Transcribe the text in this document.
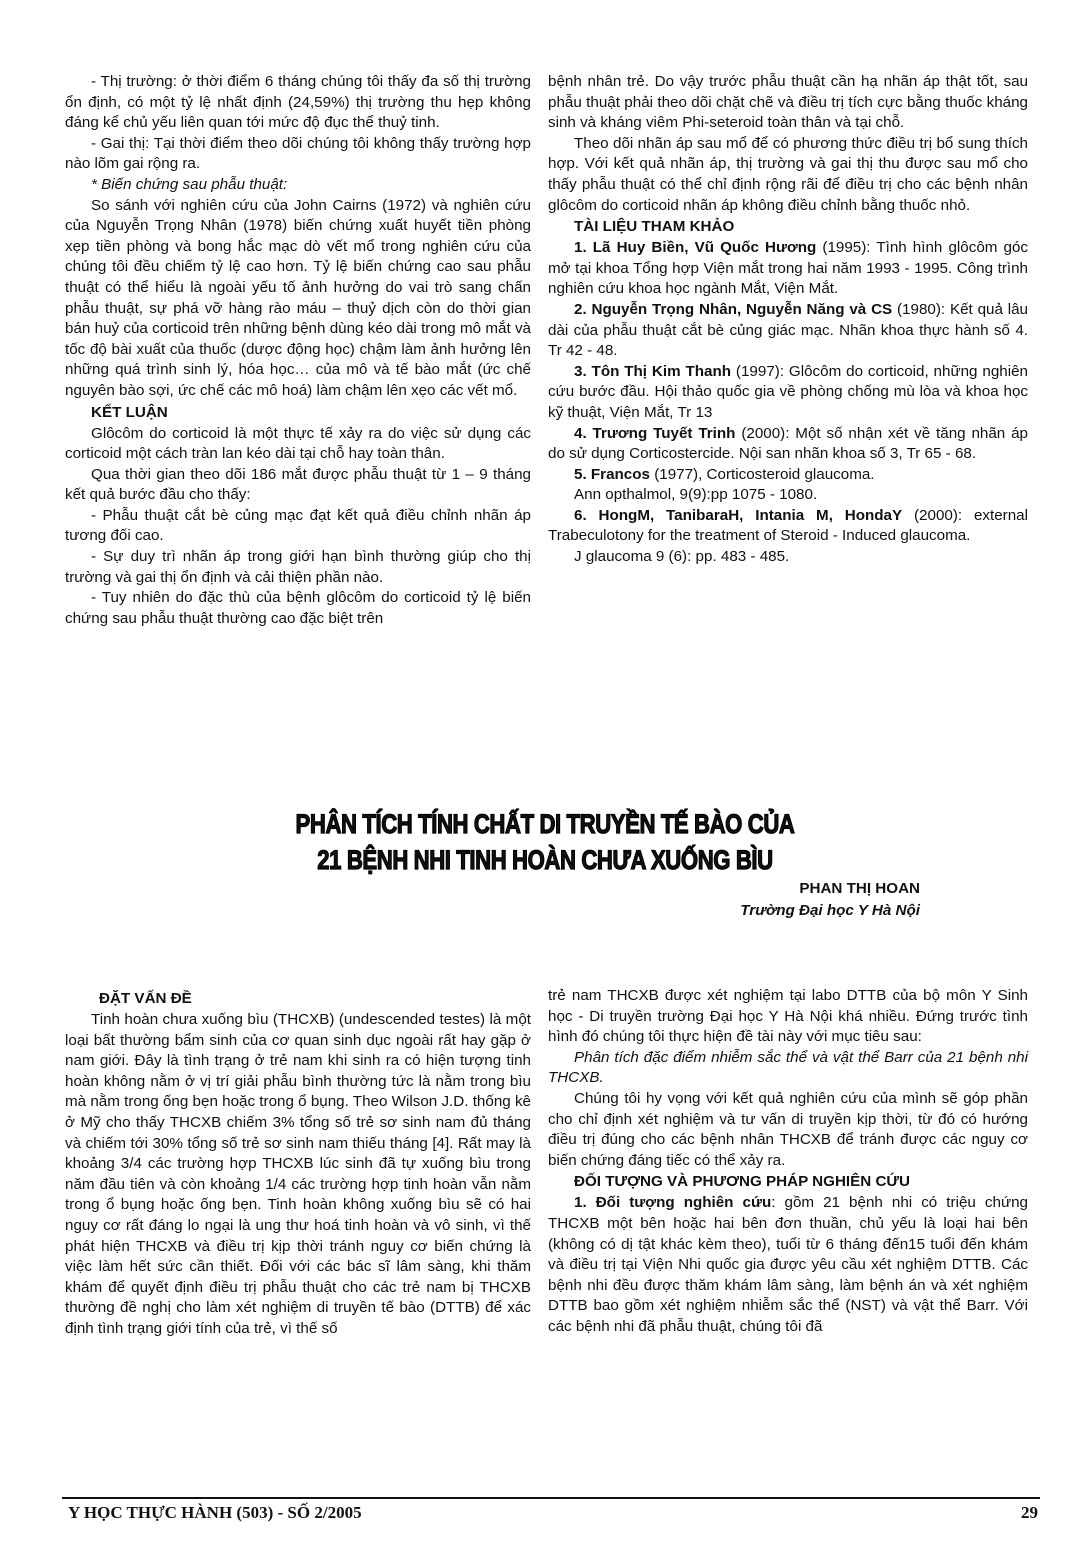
- Thị trường: ở thời điểm 6 tháng chúng tôi thấy đa số thị trường ổn định, có một tỷ lệ nhất định (24,59%) thị trường thu hẹp không đáng kể chủ yếu liên quan tới mức độ đục thể thuỷ tinh.

- Gai thị: Tại thời điểm theo dõi chúng tôi không thấy trường hợp nào lõm gai rộng ra.

* Biến chứng sau phẫu thuật:

So sánh với nghiên cứu của John Cairns (1972) và nghiên cứu của Nguyễn Trọng Nhân (1978) biến chứng xuất huyết tiền phòng xẹp tiền phòng và bong hắc mạc dò vết mổ trong nghiên cứu của chúng tôi đều chiếm tỷ lệ cao hơn. Tỷ lệ biến chứng cao sau phẫu thuật có thể hiểu là ngoài yếu tố ảnh hưởng do vai trò sang chấn phẫu thuật, sự phá vỡ hàng rào máu – thuỷ dịch còn do thời gian bán huỷ của corticoid trên những bệnh dùng kéo dài trong mô mắt và tốc độ bài xuất của thuốc (dược động học) chậm làm ảnh hưởng lên những quá trình sinh lý, hóa học… của mô và tế bào mắt (ức chế nguyên bào sợi, ức chế các mô hoá) làm chậm lên xẹo các vết mổ.

KẾT LUẬN

Glôcôm do corticoid là một thực tế xảy ra do việc sử dụng các corticoid một cách tràn lan kéo dài tại chỗ hay toàn thân.

Qua thời gian theo dõi 186 mắt được phẫu thuật từ 1 – 9 tháng kết quả bước đầu cho thấy:

- Phẫu thuật cắt bè củng mạc đạt kết quả điều chỉnh nhãn áp tương đối cao.

- Sự duy trì nhãn áp trong giới hạn bình thường giúp cho thị trường và gai thị ổn định và cải thiện phần nào.

- Tuy nhiên do đặc thù của bệnh glôcôm do corticoid tỷ lệ biến chứng sau phẫu thuật thường cao đặc biệt trên

bệnh nhân trẻ. Do vậy trước phẫu thuật cần hạ nhãn áp thật tốt, sau phẫu thuật phải theo dõi chặt chẽ và điều trị tích cực bằng thuốc kháng sinh và kháng viêm Phi-seteroid toàn thân và tại chỗ.

Theo dõi nhãn áp sau mổ để có phương thức điều trị bổ sung thích hợp. Với kết quả nhãn áp, thị trường và gai thị thu được sau mổ cho thấy phẫu thuật có thể chỉ định rộng rãi để điều trị cho các bệnh nhân glôcôm do corticoid nhãn áp không điều chỉnh bằng thuốc nhỏ.

TÀI LIỆU THAM KHẢO

1. Lã Huy Biền, Vũ Quốc Hương (1995): Tình hình glôcôm góc mở tại khoa Tổng hợp Viện mắt trong hai năm 1993 - 1995. Công trình nghiên cứu khoa học ngành Mắt, Viện Mắt.

2. Nguyễn Trọng Nhân, Nguyễn Năng và CS (1980): Kết quả lâu dài của phẫu thuật cắt bè củng giác mạc. Nhãn khoa thực hành số 4. Tr 42 - 48.

3. Tôn Thị Kim Thanh (1997): Glôcôm do corticoid, những nghiên cứu bước đầu. Hội thảo quốc gia về phòng chống mù lòa và khoa học kỹ thuật, Viện Mắt, Tr 13

4. Trương Tuyết Trinh (2000): Một số nhận xét về tăng nhãn áp do sử dụng Corticostercide. Nội san nhãn khoa số 3, Tr 65 - 68.

5. Francos (1977), Corticosteroid glaucoma.

Ann opthalmol, 9(9):pp 1075 - 1080.

6. HongM, TanibaraH, Intania M, HondaY (2000): external Trabeculotony for the treatment of Steroid - Induced glaucoma.

J glaucoma 9 (6): pp. 483 - 485.

PHÂN TÍCH TÍNH CHẤT DI TRUYỀN TẾ BÀO CỦA
21 BỆNH NHI TINH HOÀN CHƯA XUỐNG BÌU
PHAN THỊ HOAN
Trường Đại học Y Hà Nội
ĐẶT VẤN ĐỀ

Tinh hoàn chưa xuống bìu (THCXB) (undescended testes) là một loại bất thường bẩm sinh của cơ quan sinh dục ngoài rất hay gặp ở nam giới. Đây là tình trạng ở trẻ nam khi sinh ra có hiện tượng tinh hoàn không nằm ở vị trí giải phẫu bình thường tức là nằm trong bìu mà nằm trong ống bẹn hoặc trong ổ bụng. Theo Wilson J.D. thống kê ở Mỹ cho thấy THCXB chiếm 3% tổng số trẻ sơ sinh nam đủ tháng và chiếm tới 30% tổng số trẻ sơ sinh nam thiếu tháng [4]. Rất may là khoảng 3/4 các trường hợp THCXB lúc sinh đã tự xuống bìu trong năm đầu tiên và còn khoảng 1/4 các trường hợp tinh hoàn vẫn nằm trong ổ bụng hoặc ống bẹn. Tinh hoàn không xuống bìu sẽ có hai nguy cơ rất đáng lo ngại là ung thư hoá tinh hoàn và vô sinh, vì thế phát hiện THCXB và điều trị kịp thời tránh nguy cơ biến chứng là việc làm hết sức cần thiết. Đối với các bác sĩ lâm sàng, khi thăm khám để quyết định điều trị phẫu thuật cho các trẻ nam bị THCXB thường đề nghị cho làm xét nghiệm di truyền tế bào (DTTB) để xác định tình trạng giới tính của trẻ, vì thế số

trẻ nam THCXB được xét nghiệm tại labo DTTB của bộ môn Y Sinh học - Di truyền trường Đại học Y Hà Nội khá nhiều. Đứng trước tình hình đó chúng tôi thực hiện đề tài này với mục tiêu sau:

Phân tích đặc điểm nhiễm sắc thể và vật thể Barr của 21 bệnh nhi THCXB.

Chúng tôi hy vọng với kết quả nghiên cứu của mình sẽ góp phần cho chỉ định xét nghiệm và tư vấn di truyền kịp thời, từ đó có hướng điều trị đúng cho các bệnh nhân THCXB để tránh được các nguy cơ biến chứng đáng tiếc có thể xảy ra.

ĐỐI TƯỢNG VÀ PHƯƠNG PHÁP NGHIÊN CỨU

1. Đối tượng nghiên cứu: gồm 21 bệnh nhi có triệu chứng THCXB một bên hoặc hai bên đơn thuần, chủ yếu là loại hai bên (không có dị tật khác kèm theo), tuổi từ 6 tháng đến15 tuổi đến khám và điều trị tại Viện Nhi quốc gia được yêu cầu xét nghiệm DTTB. Các bệnh nhi đều được thăm khám lâm sàng, làm bệnh án và xét nghiệm DTTB bao gồm xét nghiệm nhiễm sắc thể (NST) và vật thể Barr. Với các bệnh nhi đã phẫu thuật, chúng tôi đã

Y HỌC THỰC HÀNH (503) - SỐ 2/2005	29
